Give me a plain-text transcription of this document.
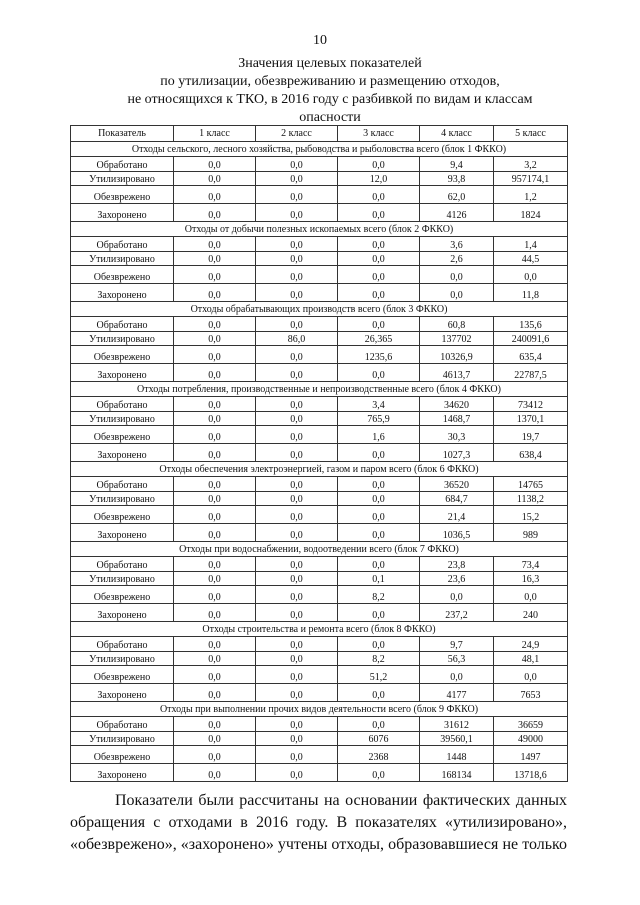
10
Значения целевых показателей
по утилизации, обезвреживанию и размещению отходов,
не относящихся к ТКО, в 2016 году с разбивкой по видам и классам
опасности
Показатель	1 класс	2 класс	3 класс	4 класс	5 класс
Отходы сельского, лесного хозяйства, рыбоводства и рыболовства всего (блок 1 ФККО)					
Обработано	0,0	0,0	0,0	9,4	3,2
Утилизировано	0,0	0,0	12,0	93,8	957174,1
Обезврежено	0,0	0,0	0,0	62,0	1,2
Захоронено	0,0	0,0	0,0	4126	1824
Отходы от добычи полезных ископаемых всего (блок 2 ФККО)					
Обработано	0,0	0,0	0,0	3,6	1,4
Утилизировано	0,0	0,0	0,0	2,6	44,5
Обезврежено	0,0	0,0	0,0	0,0	0,0
Захоронено	0,0	0,0	0,0	0,0	11,8
Отходы обрабатывающих производств всего (блок 3 ФККО)					
Обработано	0,0	0,0	0,0	60,8	135,6
Утилизировано	0,0	86,0	26,365	137702	240091,6
Обезврежено	0,0	0,0	1235,6	10326,9	635,4
Захоронено	0,0	0,0	0,0	4613,7	22787,5
Отходы потребления, производственные и непроизводственные всего (блок 4 ФККО)					
Обработано	0,0	0,0	3,4	34620	73412
Утилизировано	0,0	0,0	765,9	1468,7	1370,1
Обезврежено	0,0	0,0	1,6	30,3	19,7
Захоронено	0,0	0,0	0,0	1027,3	638,4
Отходы обеспечения электроэнергией, газом и паром всего (блок 6 ФККО)					
Обработано	0,0	0,0	0,0	36520	14765
Утилизировано	0,0	0,0	0,0	684,7	1138,2
Обезврежено	0,0	0,0	0,0	21,4	15,2
Захоронено	0,0	0,0	0,0	1036,5	989
Отходы при водоснабжении, водоотведении всего (блок 7 ФККО)					
Обработано	0,0	0,0	0,0	23,8	73,4
Утилизировано	0,0	0,0	0,1	23,6	16,3
Обезврежено	0,0	0,0	8,2	0,0	0,0
Захоронено	0,0	0,0	0,0	237,2	240
Отходы строительства и ремонта всего (блок 8 ФККО)					
Обработано	0,0	0,0	0,0	9,7	24,9
Утилизировано	0,0	0,0	8,2	56,3	48,1
Обезврежено	0,0	0,0	51,2	0,0	0,0
Захоронено	0,0	0,0	0,0	4177	7653
Отходы при выполнении прочих видов деятельности всего (блок 9 ФККО)					
Обработано	0,0	0,0	0,0	31612	36659
Утилизировано	0,0	0,0	6076	39560,1	49000
Обезврежено	0,0	0,0	2368	1448	1497
Захоронено	0,0	0,0	0,0	168134	13718,6
Показатели были рассчитаны на основании фактических данных
обращения с отходами в 2016 году. В показателях «утилизировано»,
«обезврежено», «захоронено» учтены отходы, образовавшиеся не только
